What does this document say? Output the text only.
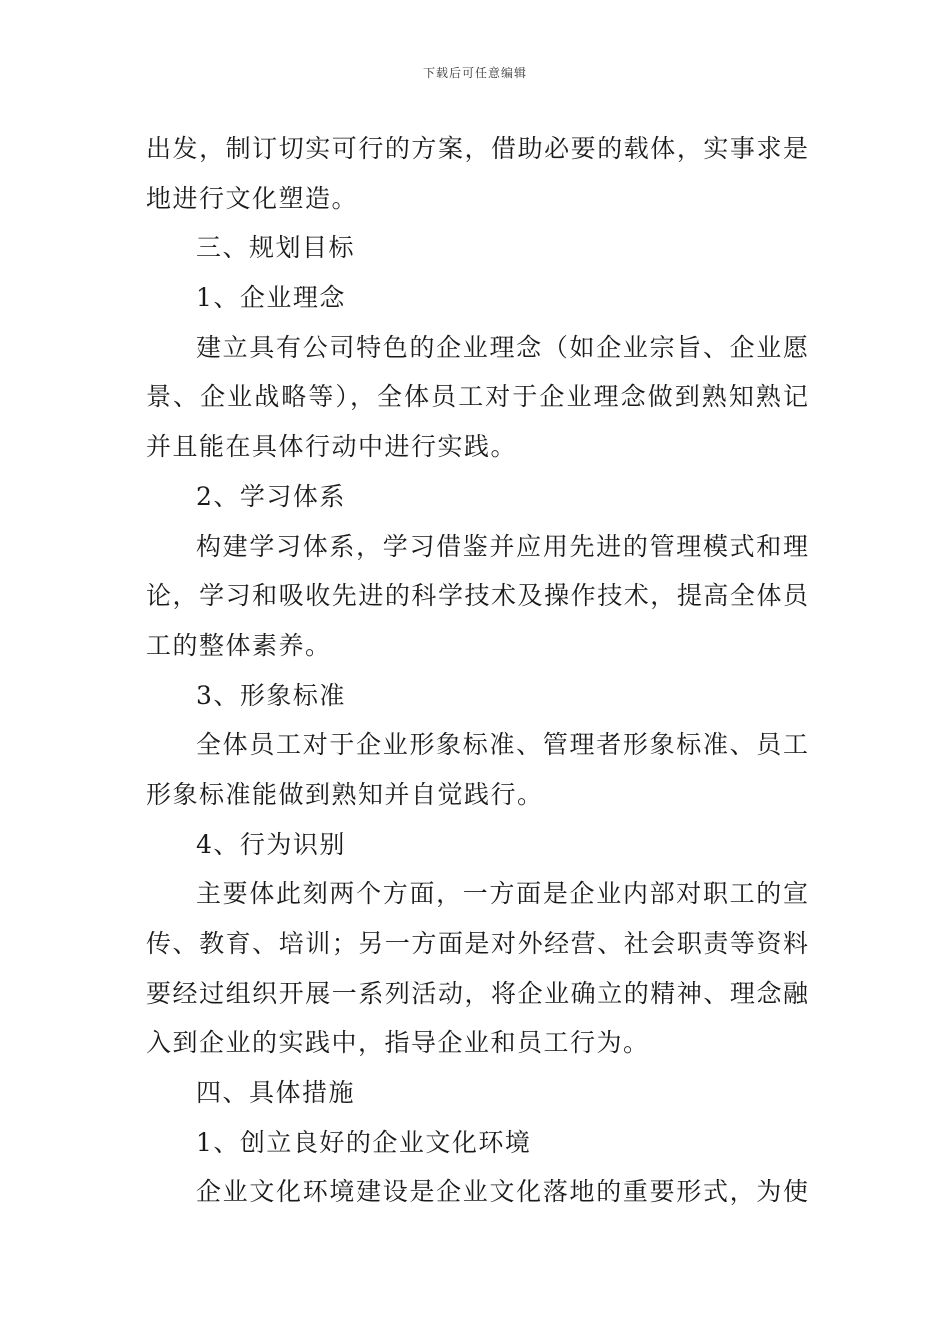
下载后可任意编辑
出发，制订切实可行的方案，借助必要的载体，实事求是
地进行文化塑造。
三、规划目标
1、企业理念
建立具有公司特色的企业理念（如企业宗旨、企业愿
景、企业战略等），全体员工对于企业理念做到熟知熟记
并且能在具体行动中进行实践。
2、学习体系
构建学习体系，学习借鉴并应用先进的管理模式和理
论，学习和吸收先进的科学技术及操作技术，提高全体员
工的整体素养。
3、形象标准
全体员工对于企业形象标准、管理者形象标准、员工
形象标准能做到熟知并自觉践行。
4、行为识别
主要体此刻两个方面，一方面是企业内部对职工的宣
传、教育、培训；另一方面是对外经营、社会职责等资料
要经过组织开展一系列活动，将企业确立的精神、理念融
入到企业的实践中，指导企业和员工行为。
四、具体措施
1、创立良好的企业文化环境
企业文化环境建设是企业文化落地的重要形式，为使
